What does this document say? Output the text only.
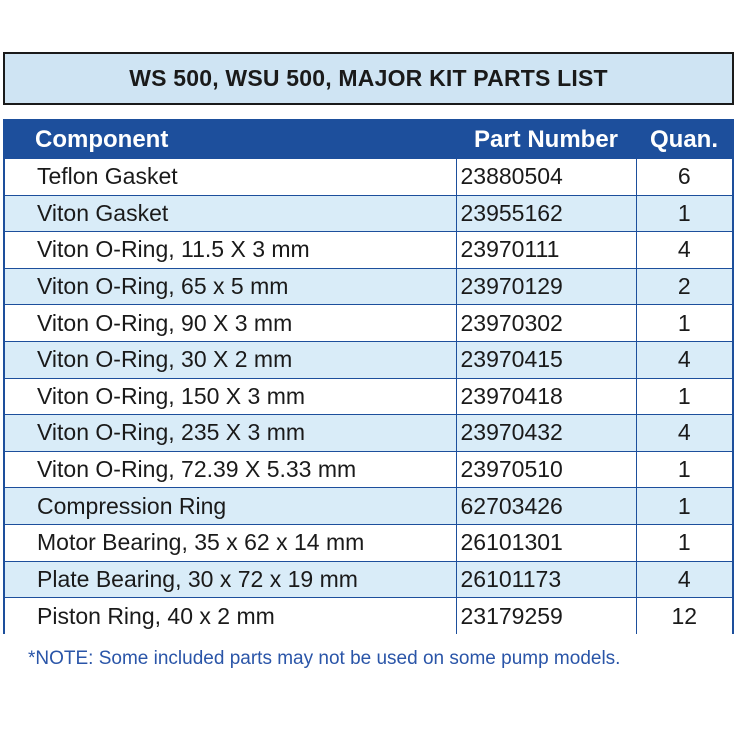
WS 500, WSU 500, MAJOR KIT PARTS LIST
Component	Part Number	Quan.
Teflon Gasket	23880504	6
Viton Gasket	23955162	1
Viton O-Ring, 11.5 X 3 mm	23970111	4
Viton O-Ring, 65 x 5 mm	23970129	2
Viton O-Ring, 90 X 3 mm	23970302	1
Viton O-Ring, 30 X 2 mm	23970415	4
Viton O-Ring, 150 X 3 mm	23970418	1
Viton O-Ring, 235 X 3 mm	23970432	4
Viton O-Ring, 72.39 X 5.33 mm	23970510	1
Compression Ring	62703426	1
Motor Bearing, 35 x 62 x 14 mm	26101301	1
Plate Bearing, 30 x 72 x 19 mm	26101173	4
Piston Ring, 40 x 2 mm	23179259	12
*NOTE: Some included parts may not be used on some pump models.
